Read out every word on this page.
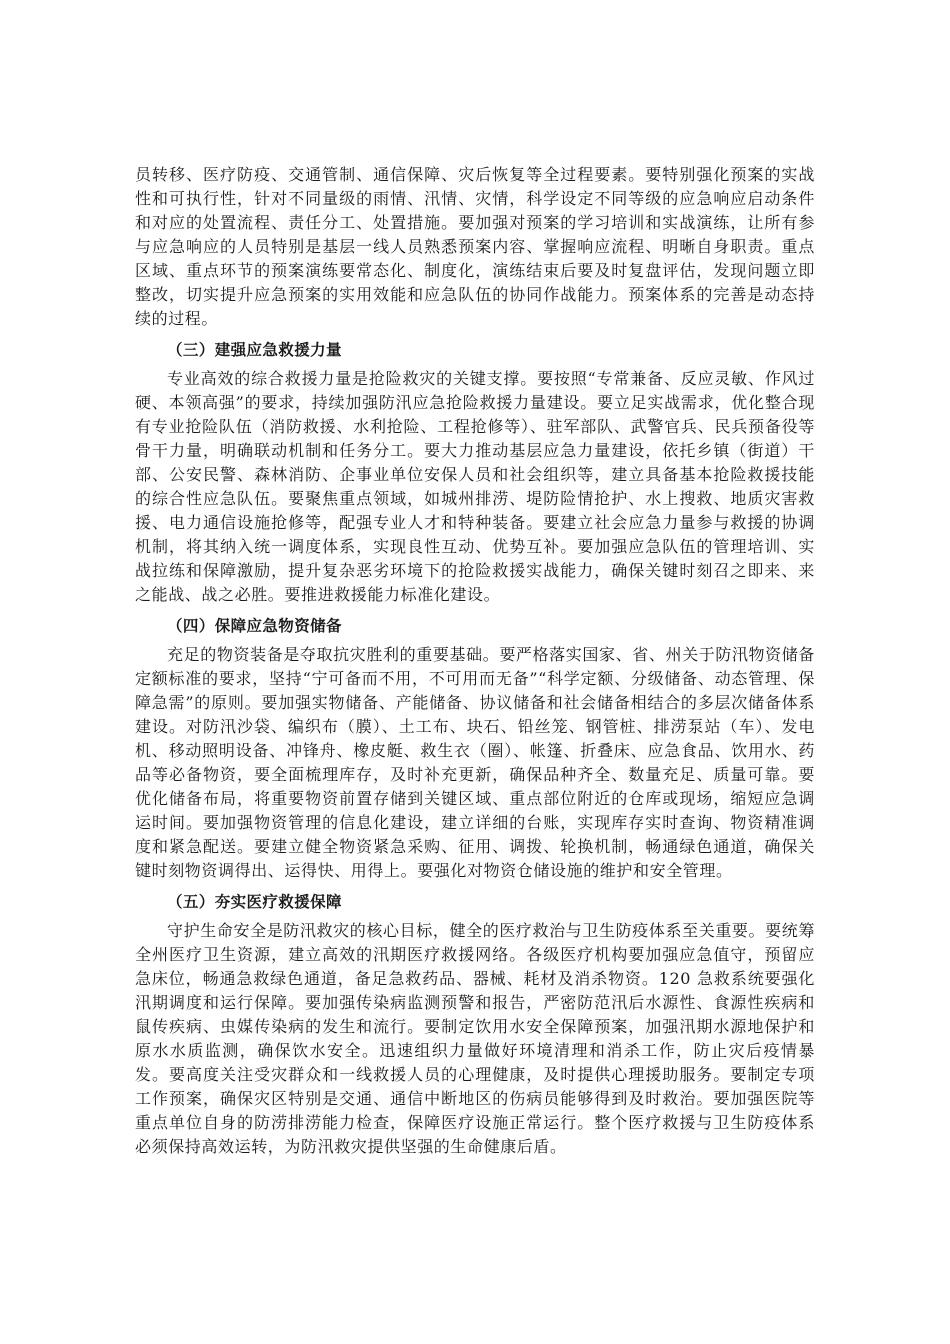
员转移、医疗防疫、交通管制、通信保障、灾后恢复等全过程要素。要特别强化预案的实战性和可执行性，针对不同量级的雨情、汛情、灾情，科学设定不同等级的应急响应启动条件和对应的处置流程、责任分工、处置措施。要加强对预案的学习培训和实战演练，让所有参与应急响应的人员特别是基层一线人员熟悉预案内容、掌握响应流程、明晰自身职责。重点区域、重点环节的预案演练要常态化、制度化，演练结束后要及时复盘评估，发现问题立即整改，切实提升应急预案的实用效能和应急队伍的协同作战能力。预案体系的完善是动态持续的过程。

（三）建强应急救援力量

专业高效的综合救援力量是抢险救灾的关键支撑。要按照“专常兼备、反应灵敏、作风过硬、本领高强”的要求，持续加强防汛应急抢险救援力量建设。要立足实战需求，优化整合现有专业抢险队伍（消防救援、水利抢险、工程抢修等）、驻军部队、武警官兵、民兵预备役等骨干力量，明确联动机制和任务分工。要大力推动基层应急力量建设，依托乡镇（街道）干部、公安民警、森林消防、企事业单位安保人员和社会组织等，建立具备基本抢险救援技能的综合性应急队伍。要聚焦重点领域，如城州排涝、堤防险情抢护、水上搜救、地质灾害救援、电力通信设施抢修等，配强专业人才和特种装备。要建立社会应急力量参与救援的协调机制，将其纳入统一调度体系，实现良性互动、优势互补。要加强应急队伍的管理培训、实战拉练和保障激励，提升复杂恶劣环境下的抢险救援实战能力，确保关键时刻召之即来、来之能战、战之必胜。要推进救援能力标准化建设。

（四）保障应急物资储备

充足的物资装备是夺取抗灾胜利的重要基础。要严格落实国家、省、州关于防汛物资储备定额标准的要求，坚持“宁可备而不用，不可用而无备”“科学定额、分级储备、动态管理、保障急需”的原则。要加强实物储备、产能储备、协议储备和社会储备相结合的多层次储备体系建设。对防汛沙袋、编织布（膜）、土工布、块石、铅丝笼、钢管桩、排涝泵站（车）、发电机、移动照明设备、冲锋舟、橡皮艇、救生衣（圈）、帐篷、折叠床、应急食品、饮用水、药品等必备物资，要全面梳理库存，及时补充更新，确保品种齐全、数量充足、质量可靠。要优化储备布局，将重要物资前置存储到关键区域、重点部位附近的仓库或现场，缩短应急调运时间。要加强物资管理的信息化建设，建立详细的台账，实现库存实时查询、物资精准调度和紧急配送。要建立健全物资紧急采购、征用、调拨、轮换机制，畅通绿色通道，确保关键时刻物资调得出、运得快、用得上。要强化对物资仓储设施的维护和安全管理。

（五）夯实医疗救援保障

守护生命安全是防汛救灾的核心目标，健全的医疗救治与卫生防疫体系至关重要。要统筹全州医疗卫生资源，建立高效的汛期医疗救援网络。各级医疗机构要加强应急值守，预留应急床位，畅通急救绿色通道，备足急救药品、器械、耗材及消杀物资。120 急救系统要强化汛期调度和运行保障。要加强传染病监测预警和报告，严密防范汛后水源性、食源性疾病和鼠传疾病、虫媒传染病的发生和流行。要制定饮用水安全保障预案，加强汛期水源地保护和原水水质监测，确保饮水安全。迅速组织力量做好环境清理和消杀工作，防止灾后疫情暴发。要高度关注受灾群众和一线救援人员的心理健康，及时提供心理援助服务。要制定专项工作预案，确保灾区特别是交通、通信中断地区的伤病员能够得到及时救治。要加强医院等重点单位自身的防涝排涝能力检查，保障医疗设施正常运行。整个医疗救援与卫生防疫体系必须保持高效运转，为防汛救灾提供坚强的生命健康后盾。
